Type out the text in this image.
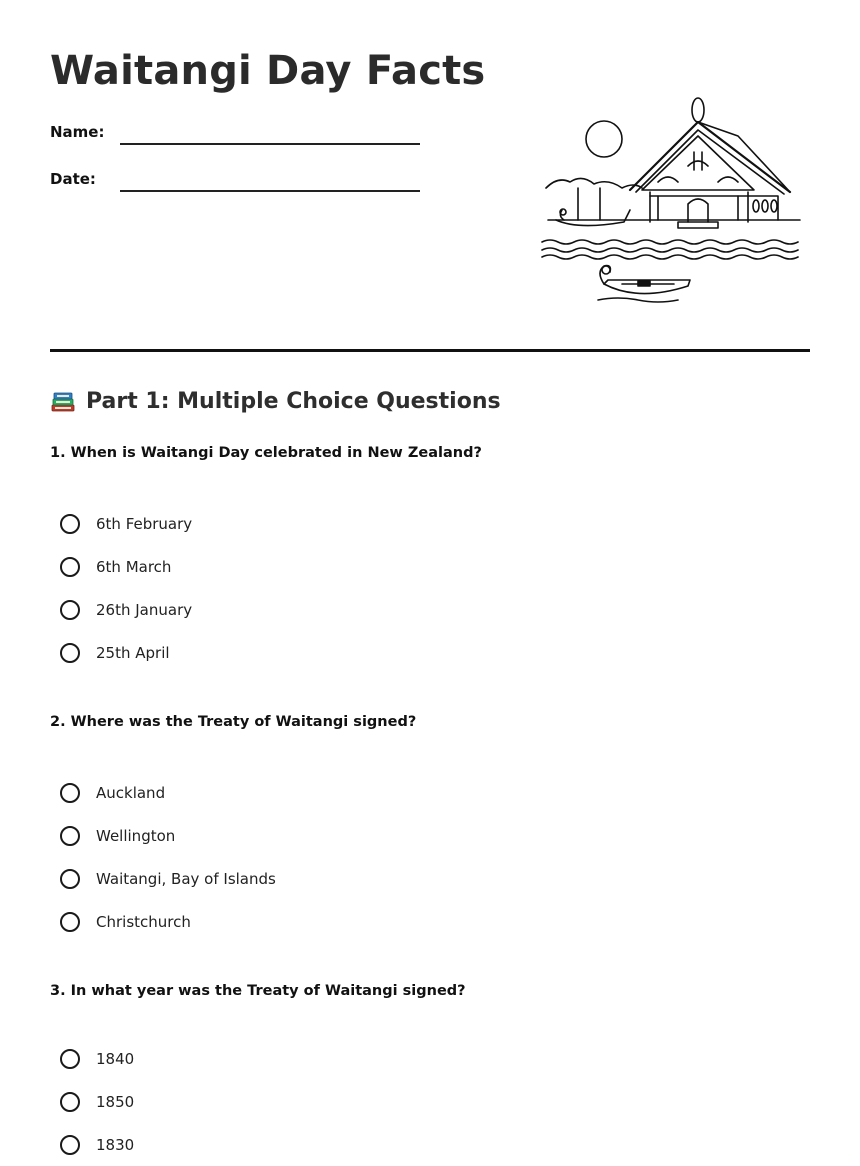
Waitangi Day Facts
Name:
Date:
Part 1: Multiple Choice Questions

1. When is Waitangi Day celebrated in New Zealand?

6th February
6th March
26th January
25th April

2. Where was the Treaty of Waitangi signed?

Auckland
Wellington
Waitangi, Bay of Islands
Christchurch

3. In what year was the Treaty of Waitangi signed?

1840
1850
1830
